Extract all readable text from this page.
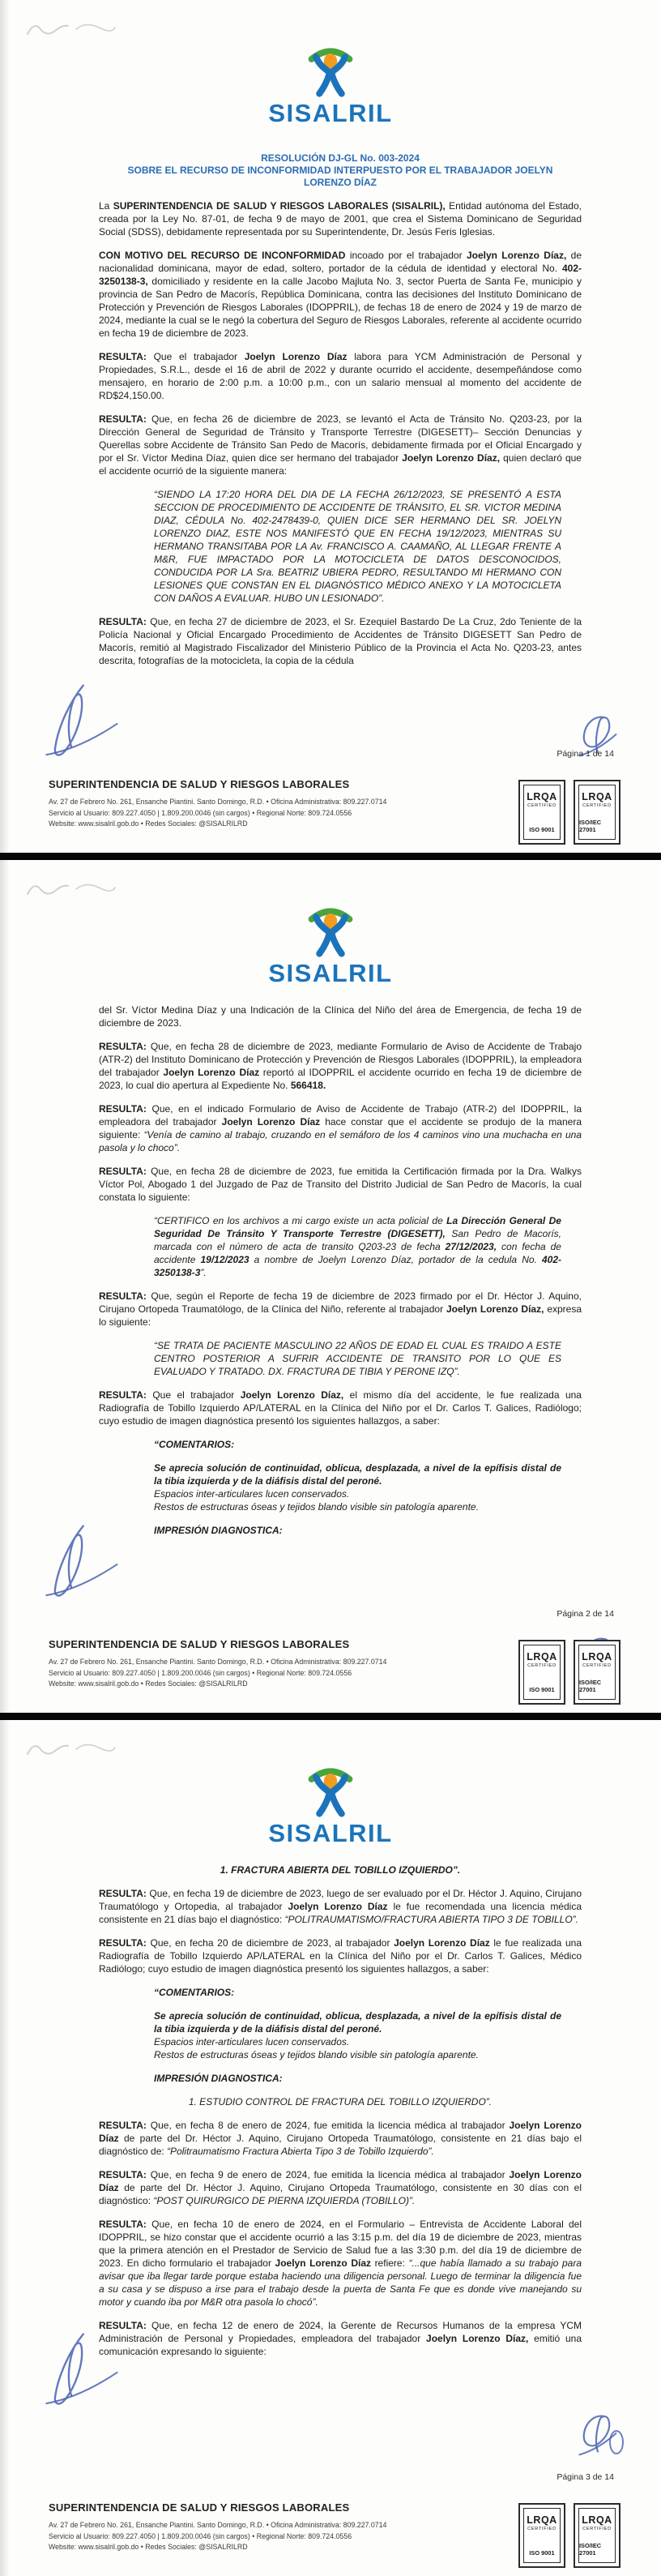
SISALRIL
RESOLUCIÓN DJ-GL No. 003-2024
SOBRE EL RECURSO DE INCONFORMIDAD INTERPUESTO POR EL TRABAJADOR JOELYN
LORENZO DÍAZ
La SUPERINTENDENCIA DE SALUD Y RIESGOS LABORALES (SISALRIL), Entidad autónoma del Estado, creada por la Ley No. 87-01, de fecha 9 de mayo de 2001, que crea el Sistema Dominicano de Seguridad Social (SDSS), debidamente representada por su Superintendente, Dr. Jesús Feris Iglesias.
CON MOTIVO DEL RECURSO DE INCONFORMIDAD incoado por el trabajador Joelyn Lorenzo Díaz, de nacionalidad dominicana, mayor de edad, soltero, portador de la cédula de identidad y electoral No. 402-3250138-3, domiciliado y residente en la calle Jacobo Majluta No. 3, sector Puerta de Santa Fe, municipio y provincia de San Pedro de Macorís, República Dominicana, contra las decisiones del Instituto Dominicano de Protección y Prevención de Riesgos Laborales (IDOPPRIL), de fechas 18 de enero de 2024 y 19 de marzo de 2024, mediante la cual se le negó la cobertura del Seguro de Riesgos Laborales, referente al accidente ocurrido en fecha 19 de diciembre de 2023.
RESULTA: Que el trabajador Joelyn Lorenzo Díaz labora para YCM Administración de Personal y Propiedades, S.R.L., desde el 16 de abril de 2022 y durante ocurrido el accidente, desempeñándose como mensajero, en horario de 2:00 p.m. a 10:00 p.m., con un salario mensual al momento del accidente de RD$24,150.00.
RESULTA: Que, en fecha 26 de diciembre de 2023, se levantó el Acta de Tránsito No. Q203-23, por la Dirección General de Seguridad de Tránsito y Transporte Terrestre (DIGESETT)– Sección Denuncias y Querellas sobre Accidente de Tránsito San Pedo de Macorís, debidamente firmada por el Oficial Encargado y por el Sr. Víctor Medina Díaz, quien dice ser hermano del trabajador Joelyn Lorenzo Díaz, quien declaró que el accidente ocurrió de la siguiente manera:
“SIENDO LA 17:20 HORA DEL DIA DE LA FECHA 26/12/2023, SE PRESENTÓ A ESTA SECCION DE PROCEDIMIENTO DE ACCIDENTE DE TRÁNSITO, EL SR. VICTOR MEDINA DIAZ, CÉDULA No. 402-2478439-0, QUIEN DICE SER HERMANO DEL SR. JOELYN LORENZO DIAZ, ESTE NOS MANIFESTÓ QUE EN FECHA 19/12/2023, MIENTRAS SU HERMANO TRANSITABA POR LA Av. FRANCISCO A. CAAMAÑO, AL LLEGAR FRENTE A M&R, FUE IMPACTADO POR LA MOTOCICLETA DE DATOS DESCONOCIDOS, CONDUCIDA POR LA Sra. BEATRIZ UBIERA PEDRO, RESULTANDO MI HERMANO CON LESIONES QUE CONSTAN EN EL DIAGNÓSTICO MÉDICO ANEXO Y LA MOTOCICLETA CON DAÑOS A EVALUAR. HUBO UN LESIONADO”.
RESULTA: Que, en fecha 27 de diciembre de 2023, el Sr. Ezequiel Bastardo De La Cruz, 2do Teniente de la Policía Nacional y Oficial Encargado Procedimiento de Accidentes de Tránsito DIGESETT San Pedro de Macorís, remitió al Magistrado Fiscalizador del Ministerio Público de la Provincia el Acta No. Q203-23, antes descrita, fotografías de la motocicleta, la copia de la cédula
Página 1 de 14
SUPERINTENDENCIA DE SALUD Y RIESGOS LABORALES
Av. 27 de Febrero No. 261, Ensanche Piantini. Santo Domingo, R.D. • Oficina Administrativa: 809.227.0714
Servicio al Usuario: 809.227.4050 | 1.809.200.0046 (sin cargos) • Regional Norte: 809.724.0556
Website: www.sisalril.gob.do • Redes Sociales: @SISALRILRD
LRQA
CERTIFIED
ISO 9001
LRQA
CERTIFIED
ISO/IEC 27001
SISALRIL
del Sr. Víctor Medina Díaz y una Indicación de la Clínica del Niño del área de Emergencia, de fecha 19 de diciembre de 2023.
RESULTA: Que, en fecha 28 de diciembre de 2023, mediante Formulario de Aviso de Accidente de Trabajo (ATR-2) del Instituto Dominicano de Protección y Prevención de Riesgos Laborales (IDOPPRIL), la empleadora del trabajador Joelyn Lorenzo Díaz reportó al IDOPPRIL el accidente ocurrido en fecha 19 de diciembre de 2023, lo cual dio apertura al Expediente No. 566418.
RESULTA: Que, en el indicado Formulario de Aviso de Accidente de Trabajo (ATR-2) del IDOPPRIL, la empleadora del trabajador Joelyn Lorenzo Díaz hace constar que el accidente se produjo de la manera siguiente: “Venía de camino al trabajo, cruzando en el semáforo de los 4 caminos vino una muchacha en una pasola y lo choco”.
RESULTA: Que, en fecha 28 de diciembre de 2023, fue emitida la Certificación firmada por la Dra. Walkys Víctor Pol, Abogado 1 del Juzgado de Paz de Transito del Distrito Judicial de San Pedro de Macorís, la cual constata lo siguiente:
“CERTIFICO en los archivos a mi cargo existe un acta policial de La Dirección General De Seguridad De Tránsito Y Transporte Terrestre (DIGESETT), San Pedro de Macorís, marcada con el número de acta de transito Q203-23 de fecha 27/12/2023, con fecha de accidente 19/12/2023 a nombre de Joelyn Lorenzo Díaz, portador de la cedula No. 402-3250138-3”.
RESULTA: Que, según el Reporte de fecha 19 de diciembre de 2023 firmado por el Dr. Héctor J. Aquino, Cirujano Ortopeda Traumatólogo, de la Clínica del Niño, referente al trabajador Joelyn Lorenzo Díaz, expresa lo siguiente:
“SE TRATA DE PACIENTE MASCULINO 22 AÑOS DE EDAD EL CUAL ES TRAIDO A ESTE CENTRO POSTERIOR A SUFRIR ACCIDENTE DE TRANSITO POR LO QUE ES EVALUADO Y TRATADO. DX. FRACTURA DE TIBIA Y PERONE IZQ”.
RESULTA: Que el trabajador Joelyn Lorenzo Díaz, el mismo día del accidente, le fue realizada una Radiografía de Tobillo Izquierdo AP/LATERAL en la Clínica del Niño por el Dr. Carlos T. Galices, Radiólogo; cuyo estudio de imagen diagnóstica presentó los siguientes hallazgos, a saber:
“COMENTARIOS:
Se aprecia solución de continuidad, oblicua, desplazada, a nivel de la epífisis distal de la tibia izquierda y de la diáfisis distal del peroné.
Espacios inter-articulares lucen conservados.
Restos de estructuras óseas y tejidos blando visible sin patología aparente.
IMPRESIÓN DIAGNOSTICA:
Página 2 de 14
SUPERINTENDENCIA DE SALUD Y RIESGOS LABORALES
Av. 27 de Febrero No. 261, Ensanche Piantini. Santo Domingo, R.D. • Oficina Administrativa: 809.227.0714
Servicio al Usuario: 809.227.4050 | 1.809.200.0046 (sin cargos) • Regional Norte: 809.724.0556
Website: www.sisalril.gob.do • Redes Sociales: @SISALRILRD
LRQA
CERTIFIED
ISO 9001
LRQA
CERTIFIED
ISO/IEC 27001
SISALRIL
1. FRACTURA ABIERTA DEL TOBILLO IZQUIERDO”.
RESULTA: Que, en fecha 19 de diciembre de 2023, luego de ser evaluado por el Dr. Héctor J. Aquino, Cirujano Traumatólogo y Ortopedia, al trabajador Joelyn Lorenzo Díaz le fue recomendada una licencia médica consistente en 21 días bajo el diagnóstico: “POLITRAUMATISMO/FRACTURA ABIERTA TIPO 3 DE TOBILLO”.
RESULTA: Que, en fecha 20 de diciembre de 2023, al trabajador Joelyn Lorenzo Díaz le fue realizada una Radiografía de Tobillo Izquierdo AP/LATERAL en la Clínica del Niño por el Dr. Carlos T. Galices, Médico Radiólogo; cuyo estudio de imagen diagnóstica presentó los siguientes hallazgos, a saber:
“COMENTARIOS:
Se aprecia solución de continuidad, oblicua, desplazada, a nivel de la epífisis distal de la tibia izquierda y de la diáfisis distal del peroné.
Espacios inter-articulares lucen conservados.
Restos de estructuras óseas y tejidos blando visible sin patología aparente.
IMPRESIÓN DIAGNOSTICA:
1. ESTUDIO CONTROL DE FRACTURA DEL TOBILLO IZQUIERDO”.
RESULTA: Que, en fecha 8 de enero de 2024, fue emitida la licencia médica al trabajador Joelyn Lorenzo Díaz de parte del Dr. Héctor J. Aquino, Cirujano Ortopeda Traumatólogo, consistente en 21 días bajo el diagnóstico de: “Politraumatismo Fractura Abierta Tipo 3 de Tobillo Izquierdo”.
RESULTA: Que, en fecha 9 de enero de 2024, fue emitida la licencia médica al trabajador Joelyn Lorenzo Díaz de parte del Dr. Héctor J. Aquino, Cirujano Ortopeda Traumatólogo, consistente en 30 días con el diagnóstico: “POST QUIRURGICO DE PIERNA IZQUIERDA (TOBILLO)”.
RESULTA: Que, en fecha 10 de enero de 2024, en el Formulario – Entrevista de Accidente Laboral del IDOPPRIL, se hizo constar que el accidente ocurrió a las 3:15 p.m. del día 19 de diciembre de 2023, mientras que la primera atención en el Prestador de Servicio de Salud fue a las 3:30 p.m. del día 19 de diciembre de 2023. En dicho formulario el trabajador Joelyn Lorenzo Díaz refiere: “...que había llamado a su trabajo para avisar que iba llegar tarde porque estaba haciendo una diligencia personal. Luego de terminar la diligencia fue a su casa y se dispuso a irse para el trabajo desde la puerta de Santa Fe que es donde vive manejando su motor y cuando iba por M&R otra pasola lo chocó”.
RESULTA: Que, en fecha 12 de enero de 2024, la Gerente de Recursos Humanos de la empresa YCM Administración de Personal y Propiedades, empleadora del trabajador Joelyn Lorenzo Díaz, emitió una comunicación expresando lo siguiente:
Página 3 de 14
SUPERINTENDENCIA DE SALUD Y RIESGOS LABORALES
Av. 27 de Febrero No. 261, Ensanche Piantini. Santo Domingo, R.D. • Oficina Administrativa: 809.227.0714
Servicio al Usuario: 809.227.4050 | 1.809.200.0046 (sin cargos) • Regional Norte: 809.724.0556
Website: www.sisalril.gob.do • Redes Sociales: @SISALRILRD
LRQA
CERTIFIED
ISO 9001
LRQA
CERTIFIED
ISO/IEC 27001
